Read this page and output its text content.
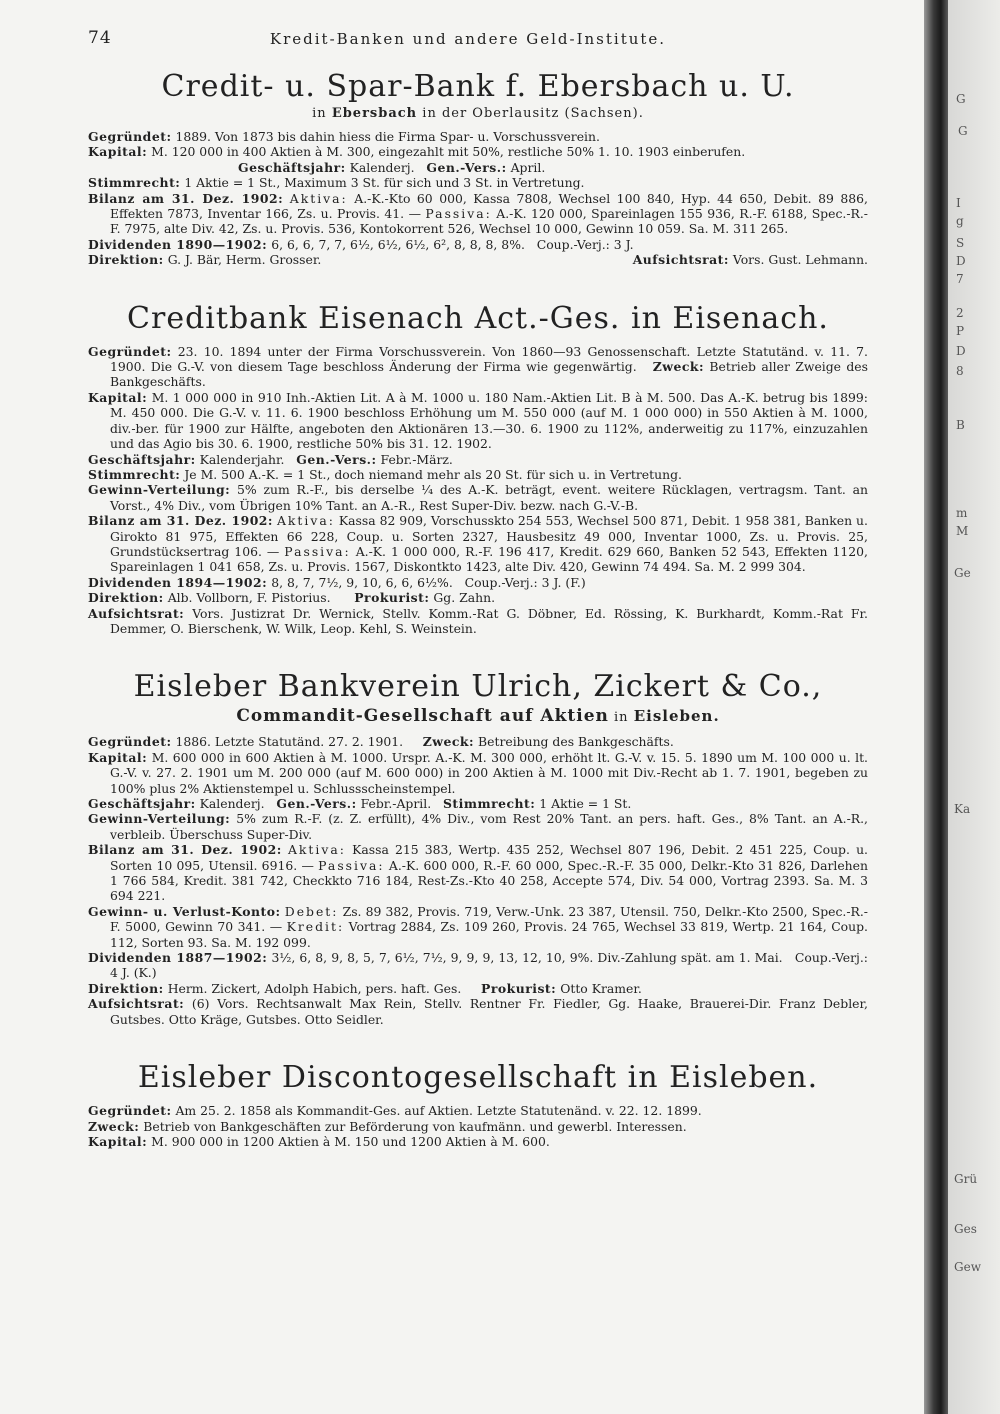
74	Kredit-Banken und andere Geld-Institute.
Credit- u. Spar-Bank f. Ebersbach u. U.
in Ebersbach in der Oberlausitz (Sachsen).

Gegründet: 1889. Von 1873 bis dahin hiess die Firma Spar- u. Vorschussverein.

Kapital: M. 120 000 in 400 Aktien à M. 300, eingezahlt mit 50%, restliche 50% 1. 10. 1903 einberufen.

Geschäftsjahr: Kalenderj. Gen.-Vers.: April.

Stimmrecht: 1 Aktie = 1 St., Maximum 3 St. für sich und 3 St. in Vertretung.

Bilanz am 31. Dez. 1902: Aktiva: A.-K.-Kto 60 000, Kassa 7808, Wechsel 100 840, Hyp. 44 650, Debit. 89 886, Effekten 7873, Inventar 166, Zs. u. Provis. 41. — Passiva: A.-K. 120 000, Spareinlagen 155 936, R.-F. 6188, Spec.-R.-F. 7975, alte Div. 42, Zs. u. Provis. 536, Kontokorrent 526, Wechsel 10 000, Gewinn 10 059. Sa. M. 311 265.

Dividenden 1890—1902: 6, 6, 6, 7, 7, 6½, 6½, 6½, 6², 8, 8, 8, 8%. Coup.-Verj.: 3 J.

Direktion: G. J. Bär, Herm. Grosser.	Aufsichtsrat: Vors. Gust. Lehmann.

Creditbank Eisenach Act.-Ges. in Eisenach.

Gegründet: 23. 10. 1894 unter der Firma Vorschussverein. Von 1860—93 Genossenschaft. Letzte Statutänd. v. 11. 7. 1900. Die G.-V. von diesem Tage beschloss Änderung der Firma wie gegenwärtig. Zweck: Betrieb aller Zweige des Bankgeschäfts.

Kapital: M. 1 000 000 in 910 Inh.-Aktien Lit. A à M. 1000 u. 180 Nam.-Aktien Lit. B à M. 500. Das A.-K. betrug bis 1899: M. 450 000. Die G.-V. v. 11. 6. 1900 beschloss Erhöhung um M. 550 000 (auf M. 1 000 000) in 550 Aktien à M. 1000, div.-ber. für 1900 zur Hälfte, angeboten den Aktionären 13.—30. 6. 1900 zu 112%, anderweitig zu 117%, einzuzahlen und das Agio bis 30. 6. 1900, restliche 50% bis 31. 12. 1902.

Geschäftsjahr: Kalenderjahr. Gen.-Vers.: Febr.-März.

Stimmrecht: Je M. 500 A.-K. = 1 St., doch niemand mehr als 20 St. für sich u. in Vertretung.

Gewinn-Verteilung: 5% zum R.-F., bis derselbe ¼ des A.-K. beträgt, event. weitere Rücklagen, vertragsm. Tant. an Vorst., 4% Div., vom Übrigen 10% Tant. an A.-R., Rest Super-Div. bezw. nach G.-V.-B.

Bilanz am 31. Dez. 1902: Aktiva: Kassa 82 909, Vorschusskto 254 553, Wechsel 500 871, Debit. 1 958 381, Banken u. Girokto 81 975, Effekten 66 228, Coup. u. Sorten 2327, Hausbesitz 49 000, Inventar 1000, Zs. u. Provis. 25, Grundstücksertrag 106. — Passiva: A.-K. 1 000 000, R.-F. 196 417, Kredit. 629 660, Banken 52 543, Effekten 1120, Spareinlagen 1 041 658, Zs. u. Provis. 1567, Diskontkto 1423, alte Div. 420, Gewinn 74 494. Sa. M. 2 999 304.

Dividenden 1894—1902: 8, 8, 7, 7½, 9, 10, 6, 6, 6½%. Coup.-Verj.: 3 J. (F.)

Direktion: Alb. Vollborn, F. Pistorius. Prokurist: Gg. Zahn.

Aufsichtsrat: Vors. Justizrat Dr. Wernick, Stellv. Komm.-Rat G. Döbner, Ed. Rössing, K. Burkhardt, Komm.-Rat Fr. Demmer, O. Bierschenk, W. Wilk, Leop. Kehl, S. Weinstein.

Eisleber Bankverein Ulrich, Zickert & Co.,
Commandit-Gesellschaft auf Aktien in Eisleben.

Gegründet: 1886. Letzte Statutänd. 27. 2. 1901. Zweck: Betreibung des Bankgeschäfts.

Kapital: M. 600 000 in 600 Aktien à M. 1000. Urspr. A.-K. M. 300 000, erhöht lt. G.-V. v. 15. 5. 1890 um M. 100 000 u. lt. G.-V. v. 27. 2. 1901 um M. 200 000 (auf M. 600 000) in 200 Aktien à M. 1000 mit Div.-Recht ab 1. 7. 1901, begeben zu 100% plus 2% Aktienstempel u. Schlussscheinstempel.

Geschäftsjahr: Kalenderj. Gen.-Vers.: Febr.-April. Stimmrecht: 1 Aktie = 1 St.

Gewinn-Verteilung: 5% zum R.-F. (z. Z. erfüllt), 4% Div., vom Rest 20% Tant. an pers. haft. Ges., 8% Tant. an A.-R., verbleib. Überschuss Super-Div.

Bilanz am 31. Dez. 1902: Aktiva: Kassa 215 383, Wertp. 435 252, Wechsel 807 196, Debit. 2 451 225, Coup. u. Sorten 10 095, Utensil. 6916. — Passiva: A.-K. 600 000, R.-F. 60 000, Spec.-R.-F. 35 000, Delkr.-Kto 31 826, Darlehen 1 766 584, Kredit. 381 742, Checkkto 716 184, Rest-Zs.-Kto 40 258, Accepte 574, Div. 54 000, Vortrag 2393. Sa. M. 3 694 221.

Gewinn- u. Verlust-Konto: Debet: Zs. 89 382, Provis. 719, Verw.-Unk. 23 387, Utensil. 750, Delkr.-Kto 2500, Spec.-R.-F. 5000, Gewinn 70 341. — Kredit: Vortrag 2884, Zs. 109 260, Provis. 24 765, Wechsel 33 819, Wertp. 21 164, Coup. 112, Sorten 93. Sa. M. 192 099.

Dividenden 1887—1902: 3½, 6, 8, 9, 8, 5, 7, 6½, 7½, 9, 9, 9, 13, 12, 10, 9%. Div.-Zahlung spät. am 1. Mai. Coup.-Verj.: 4 J. (K.)

Direktion: Herm. Zickert, Adolph Habich, pers. haft. Ges. Prokurist: Otto Kramer.

Aufsichtsrat: (6) Vors. Rechtsanwalt Max Rein, Stellv. Rentner Fr. Fiedler, Gg. Haake, Brauerei-Dir. Franz Debler, Gutsbes. Otto Kräge, Gutsbes. Otto Seidler.

Eisleber Discontogesellschaft in Eisleben.

Gegründet: Am 25. 2. 1858 als Kommandit-Ges. auf Aktien. Letzte Statutenänd. v. 22. 12. 1899.

Zweck: Betrieb von Bankgeschäften zur Beförderung von kaufmänn. und gewerbl. Interessen.

Kapital: M. 900 000 in 1200 Aktien à M. 150 und 1200 Aktien à M. 600.

G
G
I
g
S
D
7
2
P
D
8
B
m
M
Ge
Ka
Grü
Ges
Gew
